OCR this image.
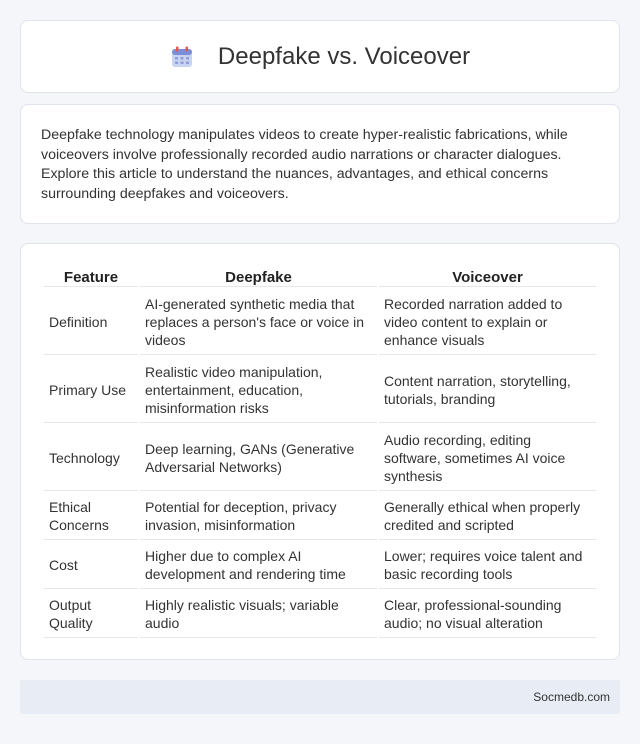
Deepfake vs. Voiceover

Deepfake technology manipulates videos to create hyper-realistic fabrications, while voiceovers involve professionally recorded audio narrations or character dialogues. Explore this article to understand the nuances, advantages, and ethical concerns surrounding deepfakes and voiceovers.

Feature	Deepfake	Voiceover
Definition	AI-generated synthetic media that replaces a person's face or voice in videos	Recorded narration added to video content to explain or enhance visuals
Primary Use	Realistic video manipulation, entertainment, education, misinformation risks	Content narration, storytelling, tutorials, branding
Technology	Deep learning, GANs (Generative Adversarial Networks)	Audio recording, editing software, sometimes AI voice synthesis
Ethical Concerns	Potential for deception, privacy invasion, misinformation	Generally ethical when properly credited and scripted
Cost	Higher due to complex AI development and rendering time	Lower; requires voice talent and basic recording tools
Output Quality	Highly realistic visuals; variable audio	Clear, professional-sounding audio; no visual alteration
Socmedb.com
